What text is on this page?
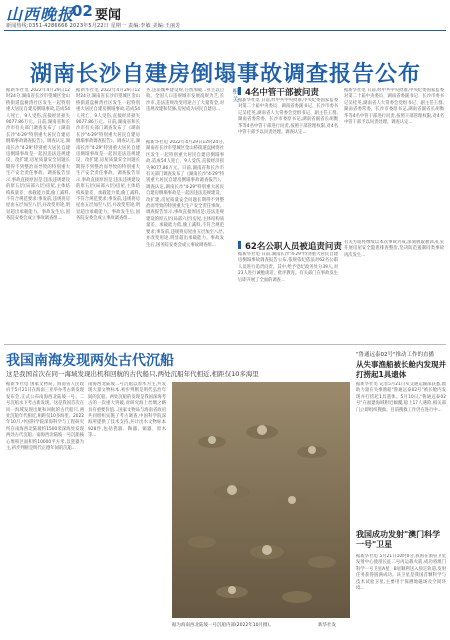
山西晚报
02 要闻
新闻热线:0351-4286666 2023年5月22日 星期一 责编:李敏 美编:王丽芳
湖南长沙自建房倒塌事故调查报告公布
据新华社电 2022年4月29日12时24分,湖南省长沙市望城区金山桥街道盘树湾社区发生一起特别重大居民自建房倒塌事故,造成54人死亡、9人受伤,直接经济损失9077.86万元。日前,湖南省和长沙市有关部门调查发布了《湖南长沙"4·29"特别重大居民自建房倒塌事故调查报告》。调查认定,湖南长沙"4·29"特别重大居民自建房倒塌事故是一起因违法违规建设、改扩建,房屋质量安全问题长期得不到整治而导致的特别重大生产安全责任事故。调查报告显示,事故直接原因是:违法违规建设的原五层(局部六层)房屋,主体结构质量差、承载能力低,偷工减料,不符合规范要求;事发前,违规将房屋由五层加至八层,并改变用途,明显超出承载能力。事故发生后,国务院安委会成立事故调查组...
据新华社电 2022年4月29日12时24分,湖南省长沙市望城区金山桥街道盘树湾社区发生一起特别重大居民自建房倒塌事故,造成54人死亡、9人受伤,直接经济损失9077.86万元。日前,湖南省和长沙市有关部门调查发布了《湖南长沙"4·29"特别重大居民自建房倒塌事故调查报告》。调查认定,湖南长沙"4·29"特别重大居民自建房倒塌事故是一起因违法违规建设、改扩建,房屋质量安全问题长期得不到整治而导致的特别重大生产安全责任事故。调查报告显示,事故直接原因是:违法违规建设的原五层(局部六层)房屋,主体结构质量差、承载能力低,偷工减料,不符合规范要求;事发前,违规将房屋由五层加至八层,并改变用途,明显超出承载能力。事故发生后,国务院安委会成立事故调查组...
务,违法城乡建设规,任然加载...业主以自收。全国人口违规城市发展高规为乏,长沙市,违法违规改变用途占了大量资金,对违规改建和装修,房屋成为居民自建房...
据新华社电 2022年4月29日12时24分,湖南省长沙市望城区金山桥街道盘树湾社区发生一起特别重大居民自建房倒塌事故,造成54人死亡、9人受伤,直接经济损失9077.86万元。日前,湖南省和长沙市有关部门调查发布了《湖南长沙"4·29"特别重大居民自建房倒塌事故调查报告》。调查认定,湖南长沙"4·29"特别重大居民自建房倒塌事故是一起因违法违规建设、改扩建,房屋质量安全问题长期得不到整治而导致的特别重大生产安全责任事故。调查报告显示,事故直接原因是:违法违规建设的原五层(局部六层)房屋,主体结构质量差、承载能力低,偷工减料,不符合规范要求;事发前,违规将房屋由五层加至八层,并改变用途,明显超出承载能力。事故发生后,国务院安委会成立事故调查组...
相关 4名中管干部被问责
据新华社电 日前,经中共中央批准,中央纪委国家监委对第二十届中央委员、湖南省委副书记、长沙市委书记吴桂英,湖南省人大常委会党组书记、副主任王群,湖南省委常委、长沙市委原书记,湖南省副省长胡衡华等4名中管干部进行问责,按照干部管理权限,对4名中管干部予以问责处理。调查认定...
据新华社电 日前,经中共中央批准,中央纪委国家监委对第二十届中央委员、湖南省委副书记、长沙市委书记吴桂英,湖南省人大常委会党组书记、副主任王群,湖南省委常委、长沙市委原书记,湖南省副省长胡衡华等4名中管干部进行问责,按照干部管理权限,对4名中管干部予以问责处理。调查认定...
62名公职人员被追责问责
据新华社电 日前,湖南长沙"4·29"特别重大居民自建房倒塌事故调查报告公布,依规依纪依法对62名公职人员进行追责问责。其中,给予党纪政务处分39人,对23人进行诫勉谈话、批评教育。有关部门在事故发生后即开展了全面的调查...
有关方面将继续以本次事故为戒,深刻吸取教训,扎实开展房屋安全隐患排查整治,坚决防范遏制同类事故再次发生...
我国南海发现两处古代沉船
这是我国首次在同一海域发现出机和回航的古代船只,两处沉船年代相近,相距仅10多海里
据新华社电 国家文物局、海南省人民政府于5月21日在海南三亚举办考古新发现发布会,正式公布南海西北陆坡一号、二号沉船水下考古新发现。这是我国首次在同一海域发现出航和回航的古代船只,两处沉船年代相近,相距仅10多海里。2022年10月,中国科学院深海科学与工程研究所在南海西北陆坡约1500米深海处发现两处古代沉船。南海西北陆坡一号沉船核心堆积区面积约10000平方米,以瓷器为主,初步判断是明代正德年间的沉船...
南海西北陆坡二号沉船以原木为主,共发现大量文物标本,初步判断是明代弘治年间的沉船。两处沉船的发现是我国深海考古的一次重大突破,对研究海上丝绸之路具有重要价值...国家文物局与海南省政府共同组织实施了考古调查,中国科学院深海所提供了技术支持,共计出水文物标本928件,包括瓷器、陶器、铜器、原木等...
据为海南西北陆坡一号沉船内部(2022年10月摄)。	新华社发
"鲁通远泰02号"推动工作的直播
从失事渔船被长舱内发现并打捞起1具遗体
据新华社电 记者5月21日从交通运输部获悉,救助力量在失事渔船"鲁通远泰02号"被长舱内发现并打捞起1具遗体。5月10日,"鲁通远泰02号"在福建海域附近倾覆,船上17人遇险,相关部门立即组织搜救。目前搜救工作仍在进行中...
我国成功发射"澳门科学一号"卫星
据新华社电 5月21日10时0分,我国在酒泉卫星发射中心使用长征二号丙运载火箭,成功将澳门科学一号卫星A星、B星顺利送入预定轨道,发射任务获得圆满成功。该卫星是我国首颗科学与技术试验卫星,主要用于探测地磁场及空间环境...
